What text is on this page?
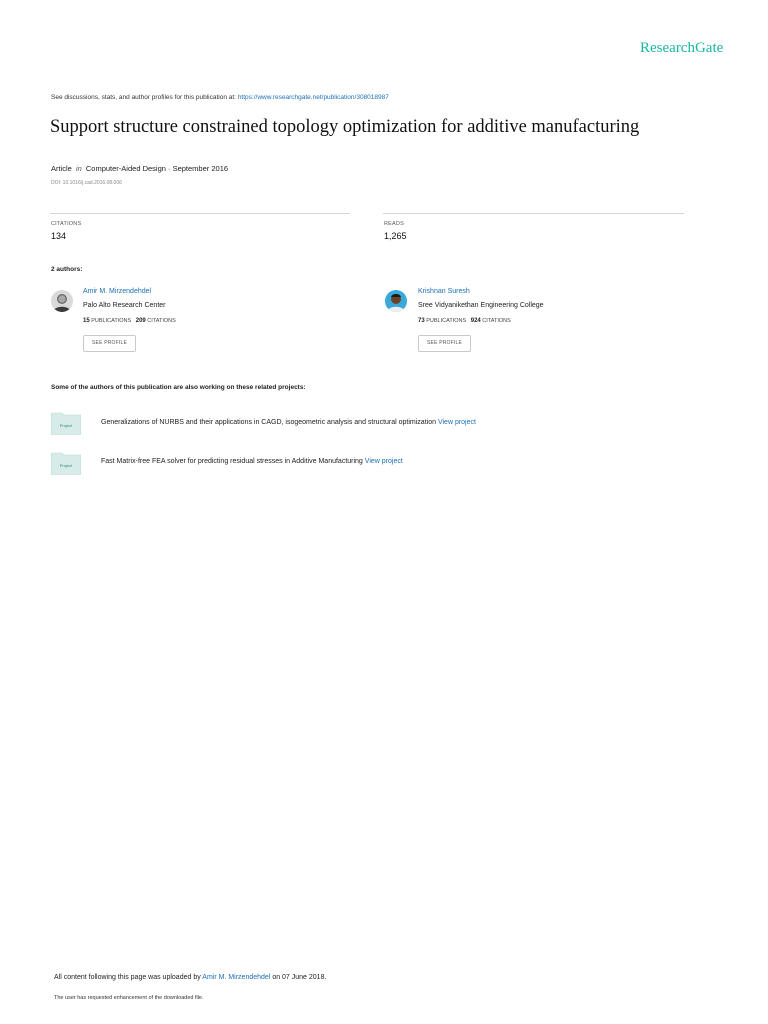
ResearchGate
See discussions, stats, and author profiles for this publication at: https://www.researchgate.net/publication/308018987
Support structure constrained topology optimization for additive manufacturing
Article in Computer-Aided Design · September 2016
DOI: 10.1016/j.cad.2016.08.006
CITATIONS
134
READS
1,265
2 authors:
Amir M. Mirzendehdel
Palo Alto Research Center
15 PUBLICATIONS 209 CITATIONS
SEE PROFILE
Krishnan Suresh
Sree Vidyanikethan Engineering College
73 PUBLICATIONS 924 CITATIONS
SEE PROFILE
Some of the authors of this publication are also working on these related projects:
Project	Generalizations of NURBS and their applications in CAGD, isogeometric analysis and structural optimization View project
Project
Fast Matrix-free FEA solver for predicting residual stresses in Additive Manufacturing View project
All content following this page was uploaded by Amir M. Mirzendehdel on 07 June 2018.
The user has requested enhancement of the downloaded file.
